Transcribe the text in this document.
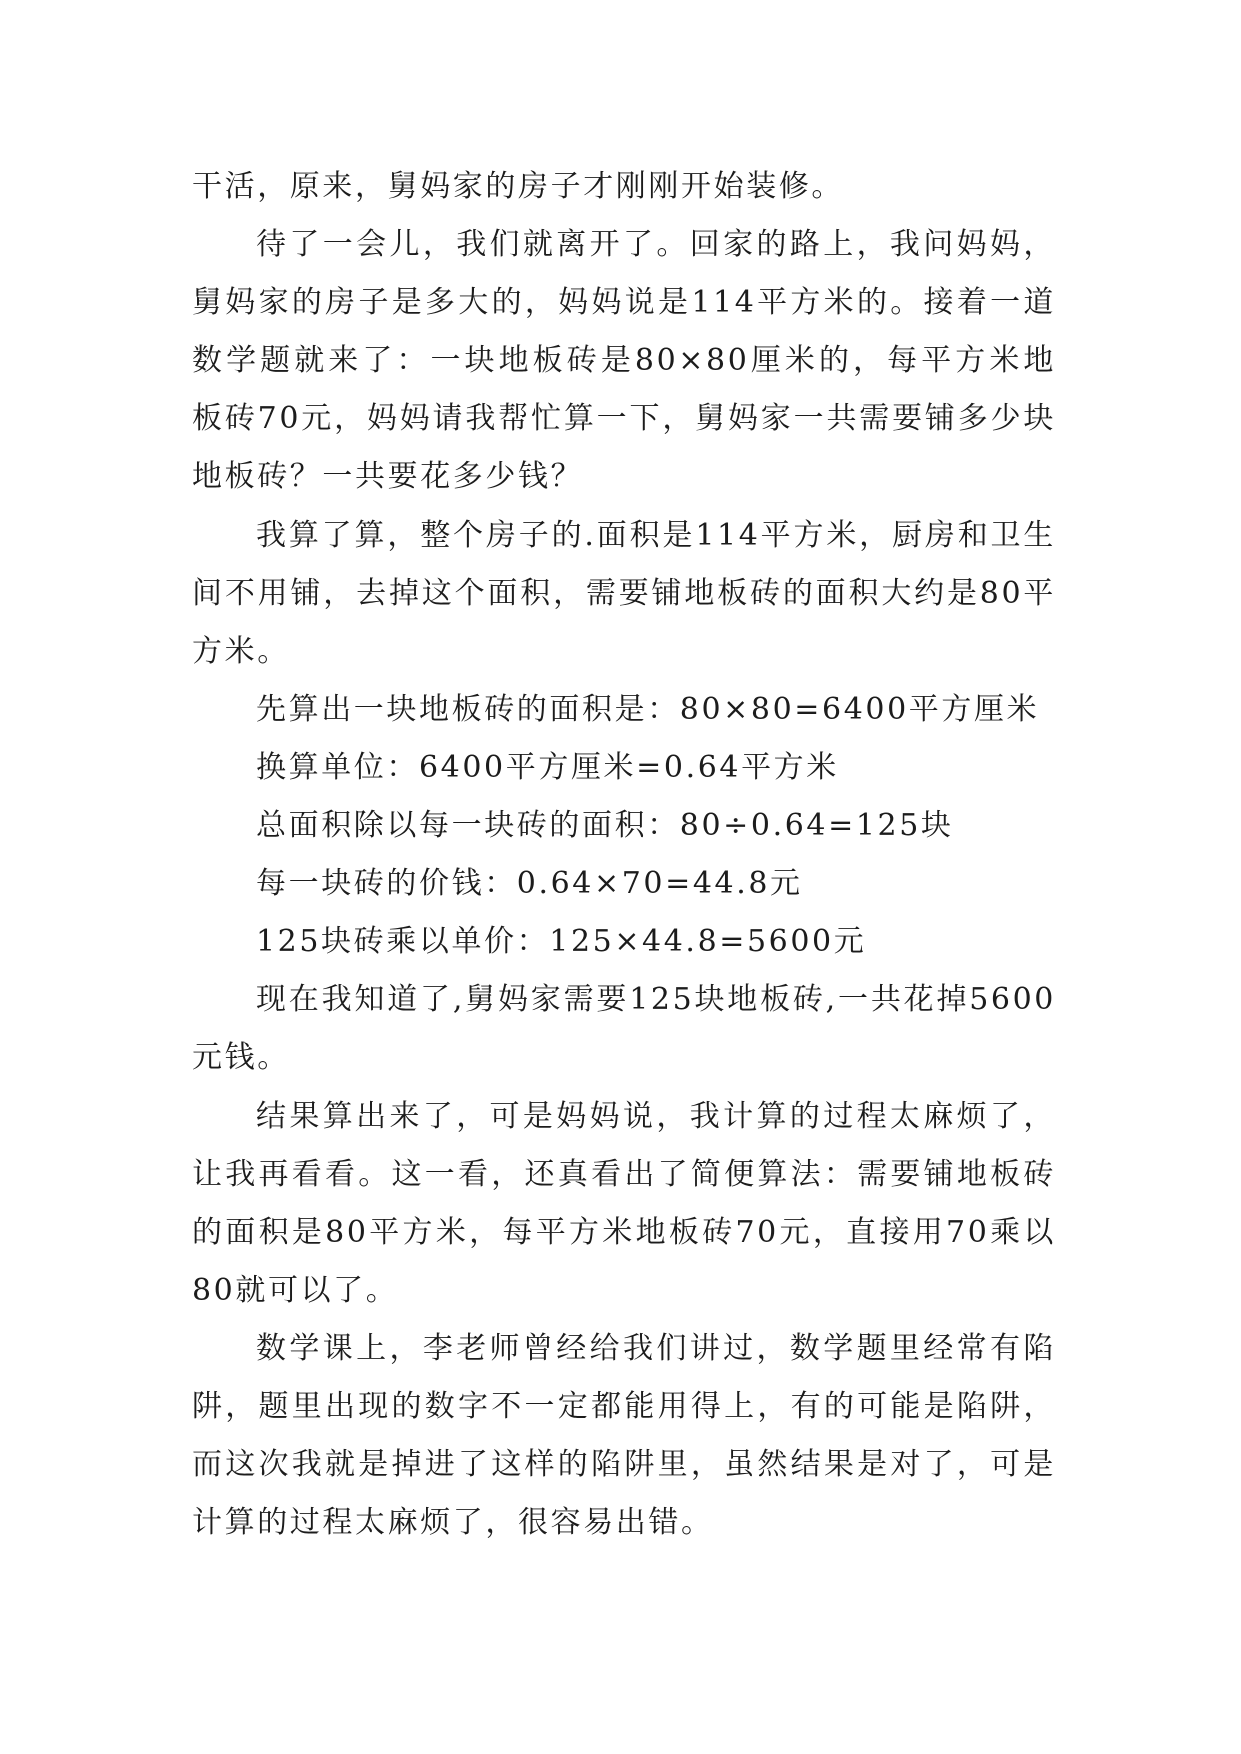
干活，原来，舅妈家的房子才刚刚开始装修。

待了一会儿，我们就离开了。回家的路上，我问妈妈，舅妈家的房子是多大的，妈妈说是114平方米的。接着一道数学题就来了：一块地板砖是80×80厘米的，每平方米地板砖70元，妈妈请我帮忙算一下，舅妈家一共需要铺多少块地板砖？一共要花多少钱？

我算了算，整个房子的.面积是114平方米，厨房和卫生间不用铺，去掉这个面积，需要铺地板砖的面积大约是80平方米。

先算出一块地板砖的面积是：80×80=6400平方厘米

换算单位：6400平方厘米=0.64平方米

总面积除以每一块砖的面积：80÷0.64=125块

每一块砖的价钱：0.64×70=44.8元

125块砖乘以单价：125×44.8=5600元

现在我知道了,舅妈家需要125块地板砖,一共花掉5600元钱。

结果算出来了，可是妈妈说，我计算的过程太麻烦了，让我再看看。这一看，还真看出了简便算法：需要铺地板砖的面积是80平方米，每平方米地板砖70元，直接用70乘以80就可以了。

数学课上，李老师曾经给我们讲过，数学题里经常有陷阱，题里出现的数字不一定都能用得上，有的可能是陷阱，而这次我就是掉进了这样的陷阱里，虽然结果是对了，可是计算的过程太麻烦了，很容易出错。
